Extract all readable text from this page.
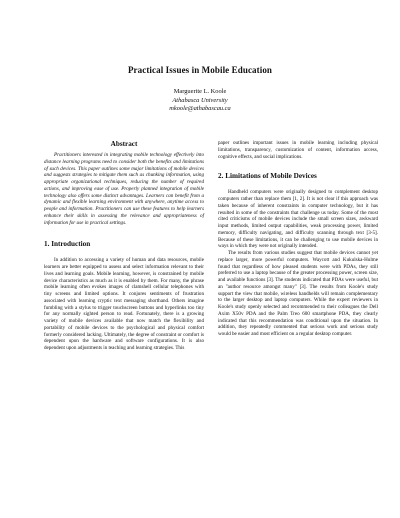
Practical Issues in Mobile Education
Marguerite L. Koole
Athabasca University
mkoole@athabascau.ca
Abstract

Practitioners interested in integrating mobile technology effectively into distance learning programs need to consider both the benefits and limitations of such devices. This paper outlines some major limitations of mobile devices and suggests strategies to mitigate them such as chunking information, using appropriate organizational techniques, reducing the number of required actions, and improving ease of use. Properly planned integration of mobile technology also offers some distinct advantages. Learners can benefit from a dynamic and flexible learning environment with anywhere, anytime access to people and information. Practitioners can use these features to help learners enhance their skills in assessing the relevance and appropriateness of information for use in practical settings.

1. Introduction

In addition to accessing a variety of human and data resources, mobile learners are better equipped to assess and select information relevant to their lives and learning goals. Mobile learning, however, is constrained by mobile device characteristics as much as it is enabled by them. For many, the phrase mobile learning often evokes images of clamshell cellular telephones with tiny screens and limited options. It conjures sentiments of frustration associated with learning cryptic text messaging shorthand. Others imagine fumbling with a stylus to trigger touchscreen buttons and hyperlinks too tiny for any normally sighted person to read. Fortunately, there is a growing variety of mobile devices available that now match the flexibility and portability of mobile devices to the psychological and physical comfort formerly considered lacking. Ultimately, the degree of constraint or comfort is dependent upon the hardware and software configurations. It is also dependent upon adjustments in teaching and learning strategies. This

paper outlines important issues in mobile learning including physical limitations, transparency, customization of content, information access, cognitive effects, and social implications.

2. Limitations of Mobile Devices

Handheld computers were originally designed to complement desktop computers rather than replace them [1, 2]. It is not clear if this approach was taken because of inherent constraints in computer technology, but it has resulted in some of the constraints that challenge us today. Some of the most cited criticisms of mobile devices include the small screen sizes, awkward input methods, limited output capabilities, weak processing power, limited memory, difficulty navigating, and difficulty scanning through text [3-5]. Because of these limitations, it can be challenging to use mobile devices in ways in which they were not originally intended.

The results from various studies suggest that mobile devices cannot yet replace larger, more powerful computers. Waycott and Kukulska-Hulme found that regardless of how pleased students were with PDAs, they still preferred to use a laptop because of the greater processing power, screen size, and available functions [3]. The students indicated that PDAs were useful, but an "author resource amongst many" [3]. The results from Koole's study support the view that mobile, wireless handhelds will remain complementary to the larger desktop and laptop computers. While the expert reviewers in Koole's study openly selected and recommended to their colleagues the Dell Axim X50v PDA and the Palm Treo 600 smartphone PDA, they clearly indicated that this recommendation was conditional upon the situation. In addition, they repeatedly commented that serious work and serious study would be easier and most efficient on a regular desktop computer.
